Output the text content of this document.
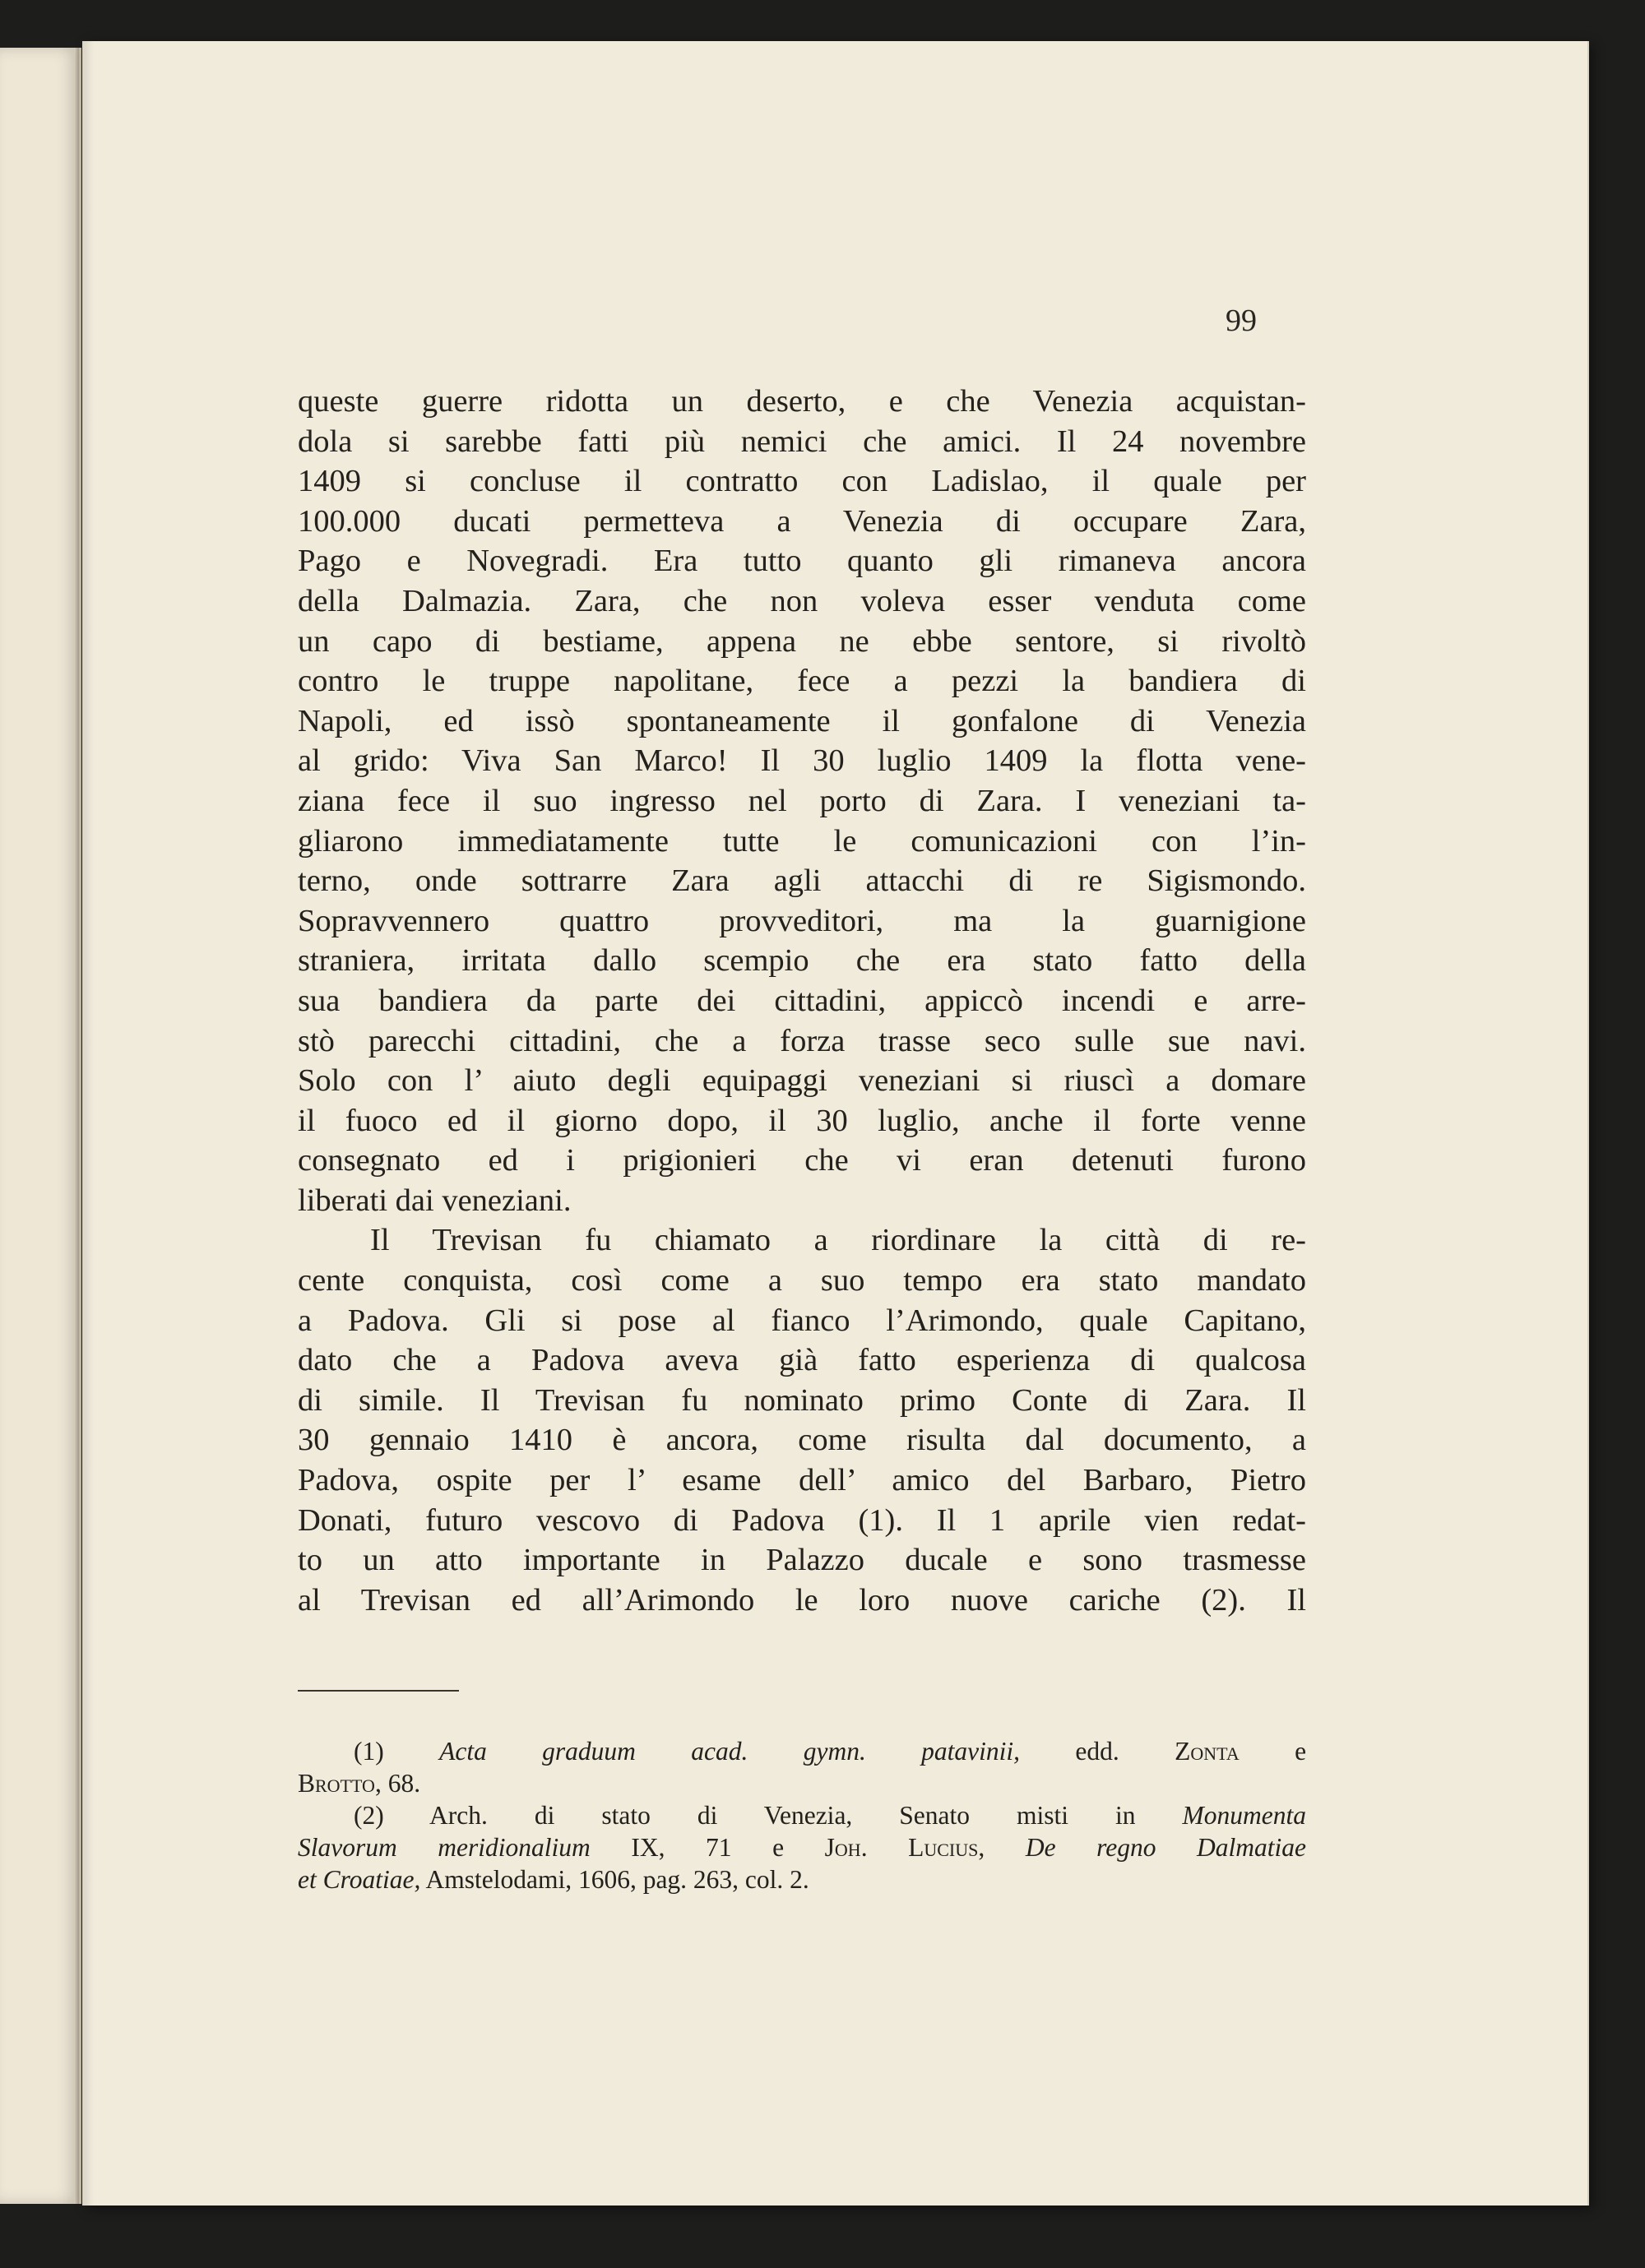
99
queste guerre ridotta un deserto, e che Venezia acquistan-
dola si sarebbe fatti più nemici che amici. Il 24 novembre
1409 si concluse il contratto con Ladislao, il quale per
100.000 ducati permetteva a Venezia di occupare Zara,
Pago e Novegradi. Era tutto quanto gli rimaneva ancora
della Dalmazia. Zara, che non voleva esser venduta come
un capo di bestiame, appena ne ebbe sentore, si rivoltò
contro le truppe napolitane, fece a pezzi la bandiera di
Napoli, ed issò spontaneamente il gonfalone di Venezia
al grido: Viva San Marco! Il 30 luglio 1409 la flotta vene-
ziana fece il suo ingresso nel porto di Zara. I veneziani ta-
gliarono immediatamente tutte le comunicazioni con l’in-
terno, onde sottrarre Zara agli attacchi di re Sigismondo.
Sopravvennero quattro provveditori, ma la guarnigione
straniera, irritata dallo scempio che era stato fatto della
sua bandiera da parte dei cittadini, appiccò incendi e arre-
stò parecchi cittadini, che a forza trasse seco sulle sue navi.
Solo con l’ aiuto degli equipaggi veneziani si riuscì a domare
il fuoco ed il giorno dopo, il 30 luglio, anche il forte venne
consegnato ed i prigionieri che vi eran detenuti furono
liberati dai veneziani.
Il Trevisan fu chiamato a riordinare la città di re-
cente conquista, così come a suo tempo era stato mandato
a Padova. Gli si pose al fianco l’Arimondo, quale Capitano,
dato che a Padova aveva già fatto esperienza di qualcosa
di simile. Il Trevisan fu nominato primo Conte di Zara. Il
30 gennaio 1410 è ancora, come risulta dal documento, a
Padova, ospite per l’ esame dell’ amico del Barbaro, Pietro
Donati, futuro vescovo di Padova (1). Il 1 aprile vien redat-
to un atto importante in Palazzo ducale e sono trasmesse
al Trevisan ed all’Arimondo le loro nuove cariche (2). Il
(1) Acta graduum acad. gymn. patavinii, edd. Zonta e
Brotto, 68.
(2) Arch. di stato di Venezia, Senato misti in Monumenta
Slavorum meridionalium IX, 71 e Joh. Lucius, De regno Dalmatiae
et Croatiae, Amstelodami, 1606, pag. 263, col. 2.
